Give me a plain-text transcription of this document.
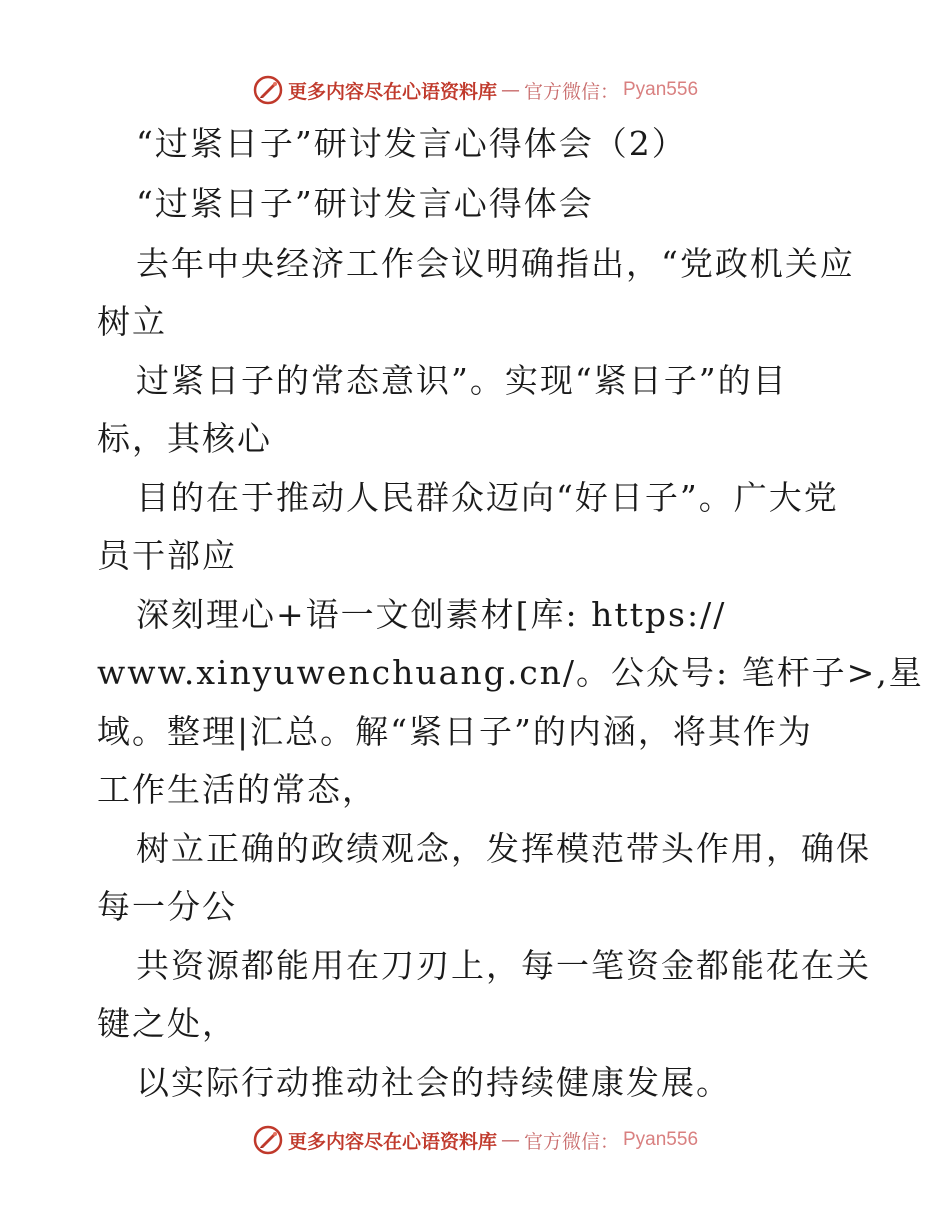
更多内容尽在心语资料库 — 官方微信： Pyan556
“过紧日子”研讨发言心得体会（2）
“过紧日子”研讨发言心得体会
去年中央经济工作会议明确指出，“党政机关应
树立
过紧日子的常态意识”。实现“紧日子”的目
标，其核心
目的在于推动人民群众迈向“好日子”。广大党
员干部应
深刻理心+语一文创素材[库: https://
www.xinyuwenchuang.cn/。公众号: 笔杆子>,星
域。整理|汇总。解“紧日子”的内涵，将其作为
工作生活的常态，
树立正确的政绩观念，发挥模范带头作用，确保
每一分公
共资源都能用在刀刃上，每一笔资金都能花在关
键之处，
以实际行动推动社会的持续健康发展。
更多内容尽在心语资料库 — 官方微信： Pyan556
